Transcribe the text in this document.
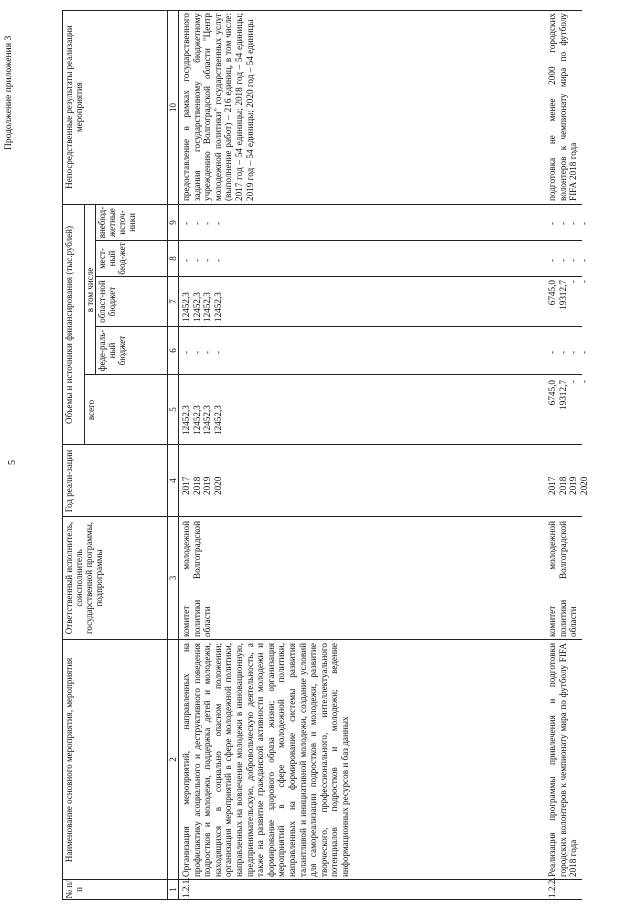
5
Продолжение приложения 3
№ п/п
Наименование основного мероприятия, мероприятия
Ответственный исполнитель, соисполнитель государственной программы, подпрограммы
Год реали-зации
Объемы и источники финансирования (тыс.рублей) всего
в том числе
феде-раль-ный бюджет
област-ной бюджет
мест-ный бюд-жет
внебюд-жетные источ-ники
Непосредственные результаты реализации мероприятия
1
2
3
4
5
6
7
8
9
10
1.2.1.
Организация мероприятий, направленных на профилактику асоциального и деструктивного поведения подростков и молодежи, поддержка детей и молодежи, находящихся в социально опасном положении; организация мероприятий в сфере молодежной политики, направленных на вовлечение молодежи в инновационную, предпринимательскую, добровольческую деятельность, а также на развитие гражданской активности молодежи и формирование здорового образа жизни; организация мероприятий в сфере молодежной политики, направленных на формирование системы развития талантливой и инициативной молодежи, создание условий для самореализации подростков и молодежи, развитие творческого, профессионального, интеллектуального потенциалов подростков и молодежи; ведение информационных ресурсов и баз данных
комитет молодежной политики Волгоградской области
2017 2018 2019 2020
12452,3 12452,3 12452,3 12452,3
- - - -
12452,3 12452,3 12452,3 12452,3
- - - -
- - - -
предоставление в рамках государственного задания государственному бюджетному учреждению Волгоградской области "Центр молодежной политики" государственных услуг (выполнение работ) – 216 единиц, в том числе: 2017 год – 54 единицы; 2018 год – 54 единицы; 2019 год – 54 единицы; 2020 год – 54 единицы
1.2.2.
Реализация программы привлечения и подготовки городских волонтеров к чемпионату мира по футболу FIFA 2018 года
комитет молодежной политики Волгоградской области
2017 2018 2019 2020
6745,0 19312,7 - -
- - - -
6745,0 19312,7 - -
- - - -
- - - -
подготовка не менее 2000 городских волонтеров к чемпионату мира по футболу FIFA 2018 года
